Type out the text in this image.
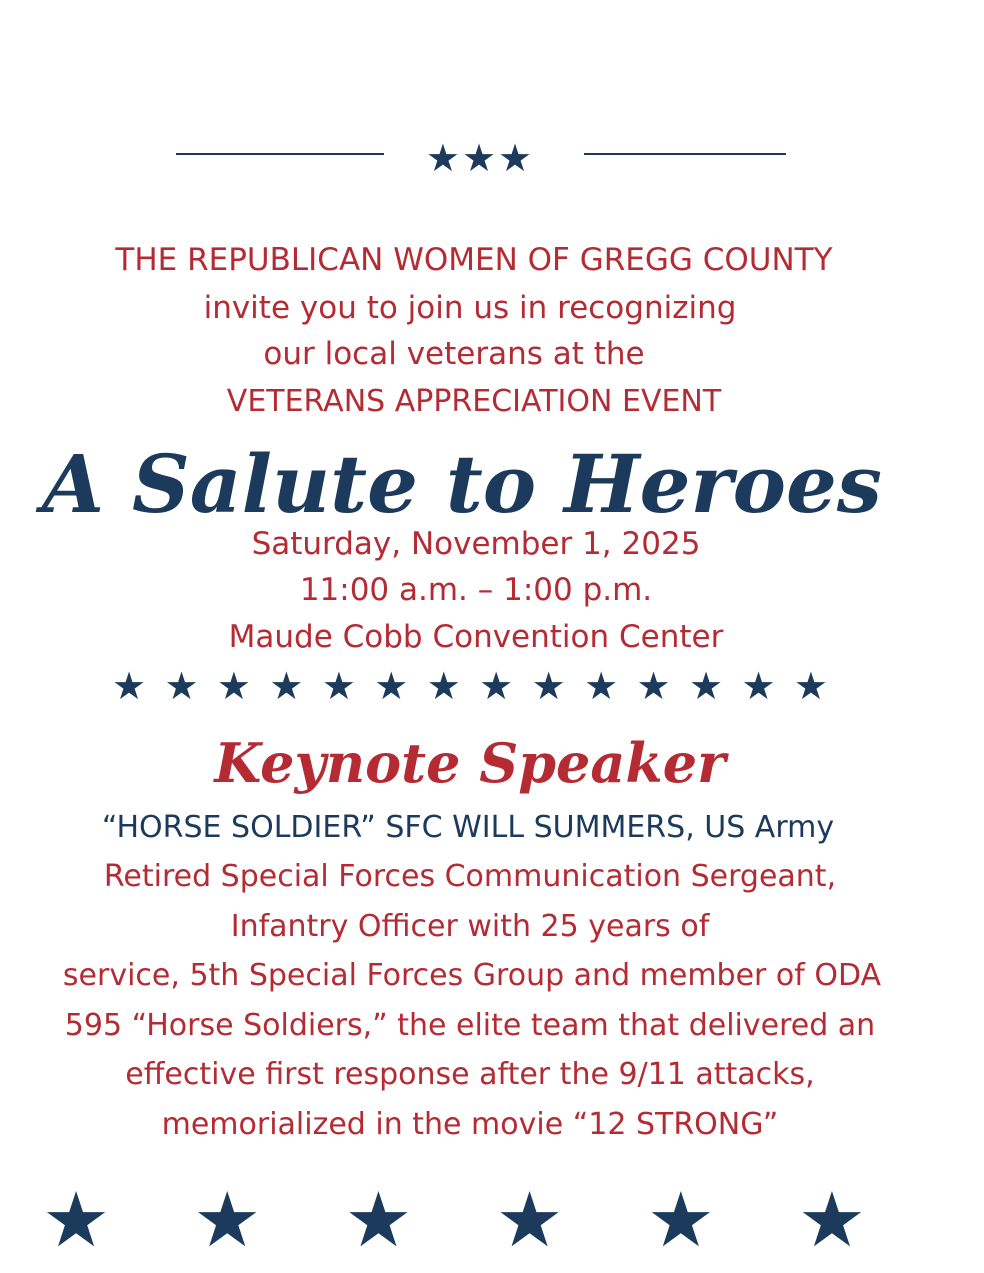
★★★
THE REPUBLICAN WOMEN OF GREGG COUNTY
invite you to join us in recognizing
our local veterans at the
VETERANS APPRECIATION EVENT
A Salute to Heroes
Saturday, November 1, 2025
11:00 a.m. – 1:00 p.m.
Maude Cobb Convention Center
★ ★ ★ ★ ★ ★ ★ ★ ★ ★ ★ ★ ★ ★
Keynote Speaker
“HORSE SOLDIER” SFC WILL SUMMERS, US Army
Retired Special Forces Communication Sergeant,
Infantry Officer with 25 years of
service, 5th Special Forces Group and member of ODA
595 “Horse Soldiers,” the elite team that delivered an
effective first response after the 9/11 attacks,
memorialized in the movie “12 STRONG”
★ ★ ★ ★ ★ ★
